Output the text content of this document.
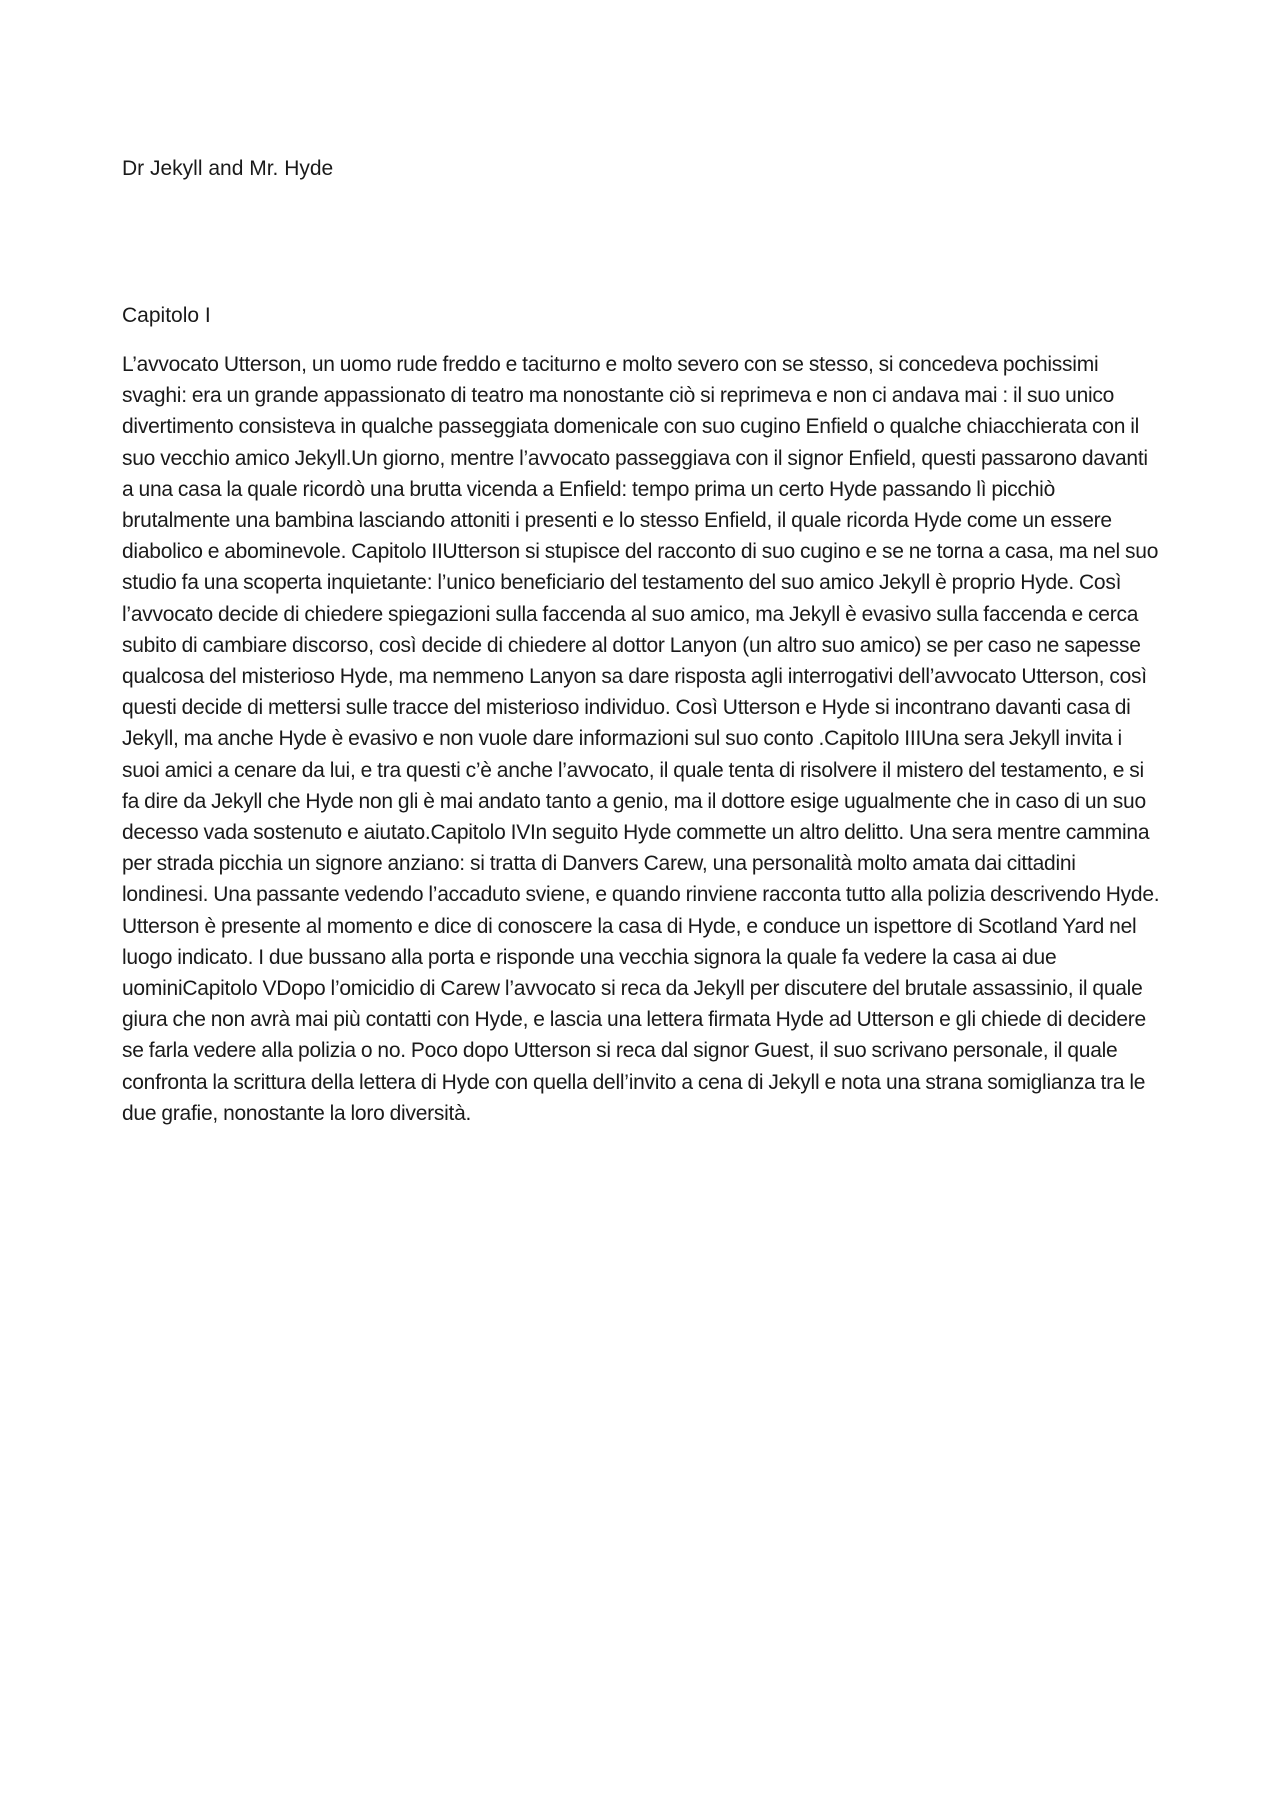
Dr Jekyll and Mr. Hyde

Capitolo I

L’avvocato Utterson, un uomo rude freddo e taciturno e molto severo con se stesso, si concedeva pochissimi svaghi: era un grande appassionato di teatro ma nonostante ciò si reprimeva e non ci andava mai : il suo unico divertimento consisteva in qualche passeggiata domenicale con suo cugino Enfield o qualche chiacchierata con il suo vecchio amico Jekyll.Un giorno, mentre l’avvocato passeggiava con il signor Enfield, questi passarono davanti a una casa la quale ricordò una brutta vicenda a Enfield: tempo prima un certo Hyde passando lì picchiò brutalmente una bambina lasciando attoniti i presenti e lo stesso Enfield, il quale ricorda Hyde come un essere diabolico e abominevole. Capitolo IIUtterson si stupisce del racconto di suo cugino e se ne torna a casa, ma nel suo studio fa una scoperta inquietante: l’unico beneficiario del testamento del suo amico Jekyll è proprio Hyde. Così l’avvocato decide di chiedere spiegazioni sulla faccenda al suo amico, ma Jekyll è evasivo sulla faccenda e cerca subito di cambiare discorso, così decide di chiedere al dottor Lanyon (un altro suo amico) se per caso ne sapesse qualcosa del misterioso Hyde, ma nemmeno Lanyon sa dare risposta agli interrogativi dell’avvocato Utterson, così questi decide di mettersi sulle tracce del misterioso individuo. Così Utterson e Hyde si incontrano davanti casa di Jekyll, ma anche Hyde è evasivo e non vuole dare informazioni sul suo conto .Capitolo IIIUna sera Jekyll invita i suoi amici a cenare da lui, e tra questi c’è anche l’avvocato, il quale tenta di risolvere il mistero del testamento, e si fa dire da Jekyll che Hyde non gli è mai andato tanto a genio, ma il dottore esige ugualmente che in caso di un suo decesso vada sostenuto e aiutato.Capitolo IVIn seguito Hyde commette un altro delitto. Una sera mentre cammina per strada picchia un signore anziano: si tratta di Danvers Carew, una personalità molto amata dai cittadini londinesi. Una passante vedendo l’accaduto sviene, e quando rinviene racconta tutto alla polizia descrivendo Hyde. Utterson è presente al momento e dice di conoscere la casa di Hyde, e conduce un ispettore di Scotland Yard nel luogo indicato. I due bussano alla porta e risponde una vecchia signora la quale fa vedere la casa ai due uominiCapitolo VDopo l’omicidio di Carew l’avvocato si reca da Jekyll per discutere del brutale assassinio, il quale giura che non avrà mai più contatti con Hyde, e lascia una lettera firmata Hyde ad Utterson e gli chiede di decidere se farla vedere alla polizia o no. Poco dopo Utterson si reca dal signor Guest, il suo scrivano personale, il quale confronta la scrittura della lettera di Hyde con quella dell’invito a cena di Jekyll e nota una strana somiglianza tra le due grafie, nonostante la loro diversità.
